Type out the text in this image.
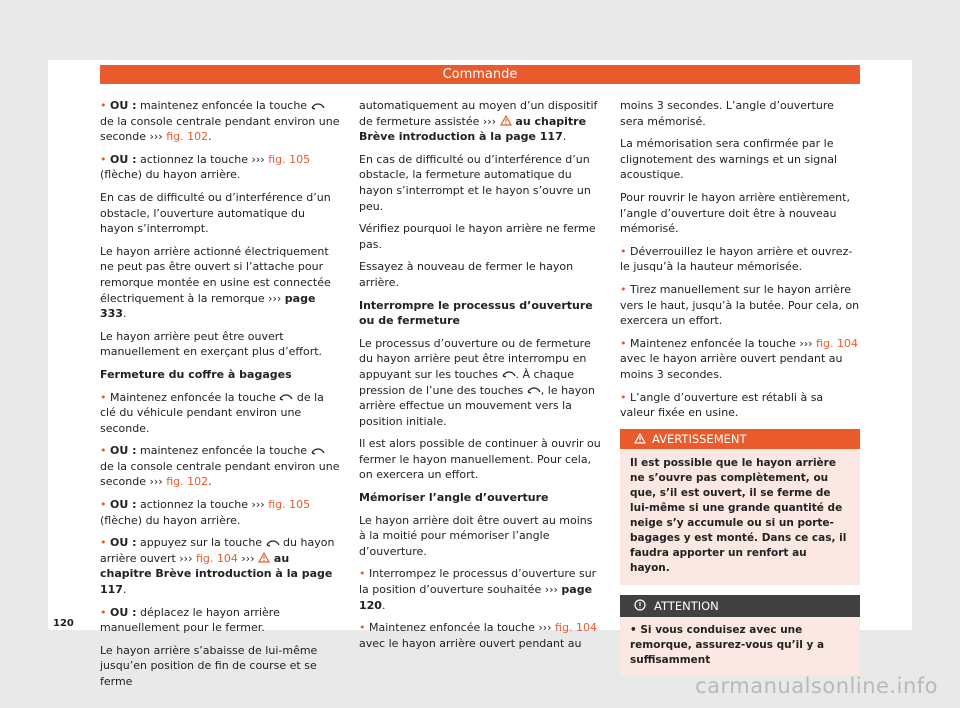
Commande

• OU : maintenez enfoncée la touche  de la console centrale pendant environ une seconde ››› fig. 102.

• OU : actionnez la touche ››› fig. 105 (flèche) du hayon arrière.

En cas de difficulté ou d’interférence d’un obstacle, l’ouverture automatique du hayon s’interrompt.

Le hayon arrière actionné électriquement ne peut pas être ouvert si l’attache pour remorque montée en usine est connectée électriquement à la remorque ››› page 333.

Le hayon arrière peut être ouvert manuellement en exerçant plus d’effort.

Fermeture du coffre à bagages

• Maintenez enfoncée la touche  de la clé du véhicule pendant environ une seconde.

• OU : maintenez enfoncée la touche  de la console centrale pendant environ une seconde ››› fig. 102.

• OU : actionnez la touche ››› fig. 105 (flèche) du hayon arrière.

• OU : appuyez sur la touche  du hayon arrière ouvert ››› fig. 104 ›››  au chapitre Brève introduction à la page 117.

• OU : déplacez le hayon arrière manuellement pour le fermer.

Le hayon arrière s’abaisse de lui-même jusqu’en position de fin de course et se ferme

automatiquement au moyen d’un dispositif de fermeture assistée ›››  au chapitre Brève introduction à la page 117.

En cas de difficulté ou d’interférence d’un obstacle, la fermeture automatique du hayon s’interrompt et le hayon s’ouvre un peu.

Vérifiez pourquoi le hayon arrière ne ferme pas.

Essayez à nouveau de fermer le hayon arrière.

Interrompre le processus d’ouverture ou de fermeture

Le processus d’ouverture ou de fermeture du hayon arrière peut être interrompu en appuyant sur les touches . À chaque pression de l’une des touches , le hayon arrière effectue un mouvement vers la position initiale.

Il est alors possible de continuer à ouvrir ou fermer le hayon manuellement. Pour cela, on exercera un effort.

Mémoriser l’angle d’ouverture

Le hayon arrière doit être ouvert au moins à la moitié pour mémoriser l’angle d’ouverture.

• Interrompez le processus d’ouverture sur la position d’ouverture souhaitée ››› page 120.

• Maintenez enfoncée la touche ››› fig. 104 avec le hayon arrière ouvert pendant au

moins 3 secondes. L’angle d’ouverture sera mémorisé.

La mémorisation sera confirmée par le clignotement des warnings et un signal acoustique.

Pour rouvrir le hayon arrière entièrement, l’angle d’ouverture doit être à nouveau mémorisé.

• Déverrouillez le hayon arrière et ouvrez-le jusqu’à la hauteur mémorisée.

• Tirez manuellement sur le hayon arrière vers le haut, jusqu’à la butée. Pour cela, on exercera un effort.

• Maintenez enfoncée la touche ››› fig. 104 avec le hayon arrière ouvert pendant au moins 3 secondes.

• L’angle d’ouverture est rétabli à sa valeur fixée en usine.

AVERTISSEMENT
Il est possible que le hayon arrière ne s’ouvre pas complètement, ou que, s’il est ouvert, il se ferme de lui-même si une grande quantité de neige s’y accumule ou si un porte-bagages y est monté. Dans ce cas, il faudra apporter un renfort au hayon.
ATTENTION
• Si vous conduisez avec une remorque, assurez-vous qu’il y a suffisamment
120
carmanualsonline.info
